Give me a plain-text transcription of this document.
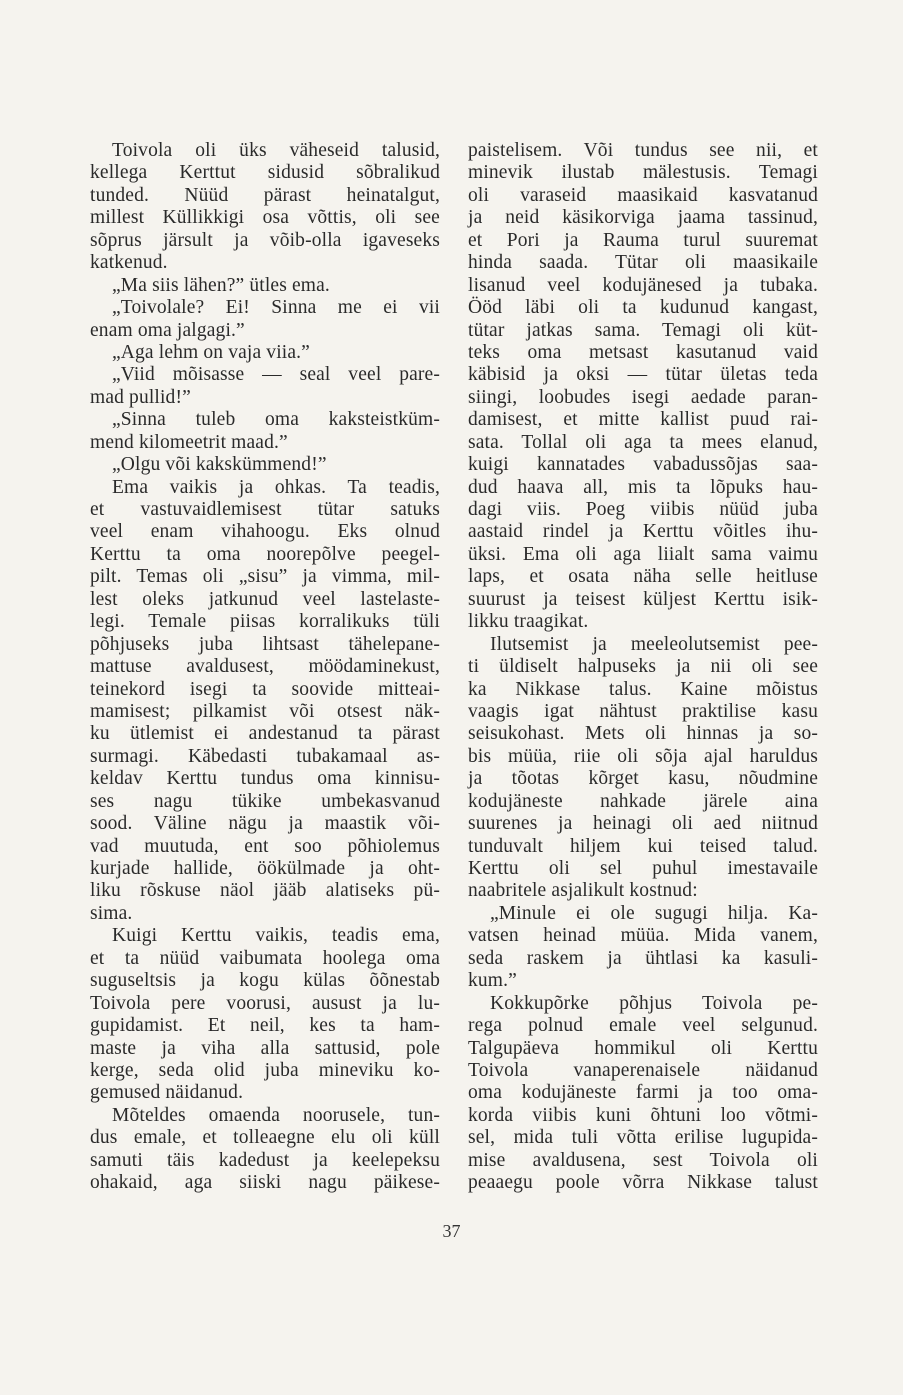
Toivola oli üks väheseid talusid,
kellega Kerttut sidusid sõbralikud
tunded. Nüüd pärast heinatalgut,
millest Küllikkigi osa võttis, oli see
sõprus järsult ja võib-olla igaveseks
katkenud.
„Ma siis lähen?” ütles ema.
„Toivolale? Ei! Sinna me ei vii
enam oma jalgagi.”
„Aga lehm on vaja viia.”
„Viid mõisasse — seal veel pare-
mad pullid!”
„Sinna tuleb oma kaksteistküm-
mend kilomeetrit maad.”
„Olgu või kakskümmend!”
Ema vaikis ja ohkas. Ta teadis,
et vastuvaidlemisest tütar satuks
veel enam vihahoogu. Eks olnud
Kerttu ta oma noorepõlve peegel-
pilt. Temas oli „sisu” ja vimma, mil-
lest oleks jatkunud veel lastelaste-
legi. Temale piisas korralikuks tüli
põhjuseks juba lihtsast tähelepane-
mattuse avaldusest, möödaminekust,
teinekord isegi ta soovide mitteai-
mamisest; pilkamist või otsest näk-
ku ütlemist ei andestanud ta pärast
surmagi. Käbedasti tubakamaal as-
keldav Kerttu tundus oma kinnisu-
ses nagu tükike umbekasvanud
sood. Väline nägu ja maastik või-
vad muutuda, ent soo põhiolemus
kurjade hallide, öökülmade ja oht-
liku rõskuse näol jääb alatiseks pü-
sima.
Kuigi Kerttu vaikis, teadis ema,
et ta nüüd vaibumata hoolega oma
suguseltsis ja kogu külas õõnestab
Toivola pere voorusi, ausust ja lu-
gupidamist. Et neil, kes ta ham-
maste ja viha alla sattusid, pole
kerge, seda olid juba mineviku ko-
gemused näidanud.
Mõteldes omaenda noorusele, tun-
dus emale, et tolleaegne elu oli küll
samuti täis kadedust ja keelepeksu
ohakaid, aga siiski nagu päikese-
paistelisem. Või tundus see nii, et
minevik ilustab mälestusis. Temagi
oli varaseid maasikaid kasvatanud
ja neid käsikorviga jaama tassinud,
et Pori ja Rauma turul suuremat
hinda saada. Tütar oli maasikaile
lisanud veel kodujänesed ja tubaka.
Ööd läbi oli ta kudunud kangast,
tütar jatkas sama. Temagi oli küt-
teks oma metsast kasutanud vaid
käbisid ja oksi — tütar ületas teda
siingi, loobudes isegi aedade paran-
damisest, et mitte kallist puud rai-
sata. Tollal oli aga ta mees elanud,
kuigi kannatades vabadussõjas saa-
dud haava all, mis ta lõpuks hau-
dagi viis. Poeg viibis nüüd juba
aastaid rindel ja Kerttu võitles ihu-
üksi. Ema oli aga liialt sama vaimu
laps, et osata näha selle heitluse
suurust ja teisest küljest Kerttu isik-
likku traagikat.
Ilutsemist ja meeleolutsemist pee-
ti üldiselt halpuseks ja nii oli see
ka Nikkase talus. Kaine mõistus
vaagis igat nähtust praktilise kasu
seisukohast. Mets oli hinnas ja so-
bis müüa, riie oli sõja ajal haruldus
ja tõotas kõrget kasu, nõudmine
kodujäneste nahkade järele aina
suurenes ja heinagi oli aed niitnud
tunduvalt hiljem kui teised talud.
Kerttu oli sel puhul imestavaile
naabritele asjalikult kostnud:
„Minule ei ole sugugi hilja. Ka-
vatsen heinad müüa. Mida vanem,
seda raskem ja ühtlasi ka kasuli-
kum.”
Kokkupõrke põhjus Toivola pe-
rega polnud emale veel selgunud.
Talgupäeva hommikul oli Kerttu
Toivola vanaperenaisele näidanud
oma kodujäneste farmi ja too oma-
korda viibis kuni õhtuni loo võtmi-
sel, mida tuli võtta erilise lugupida-
mise avaldusena, sest Toivola oli
peaaegu poole võrra Nikkase talust
37
